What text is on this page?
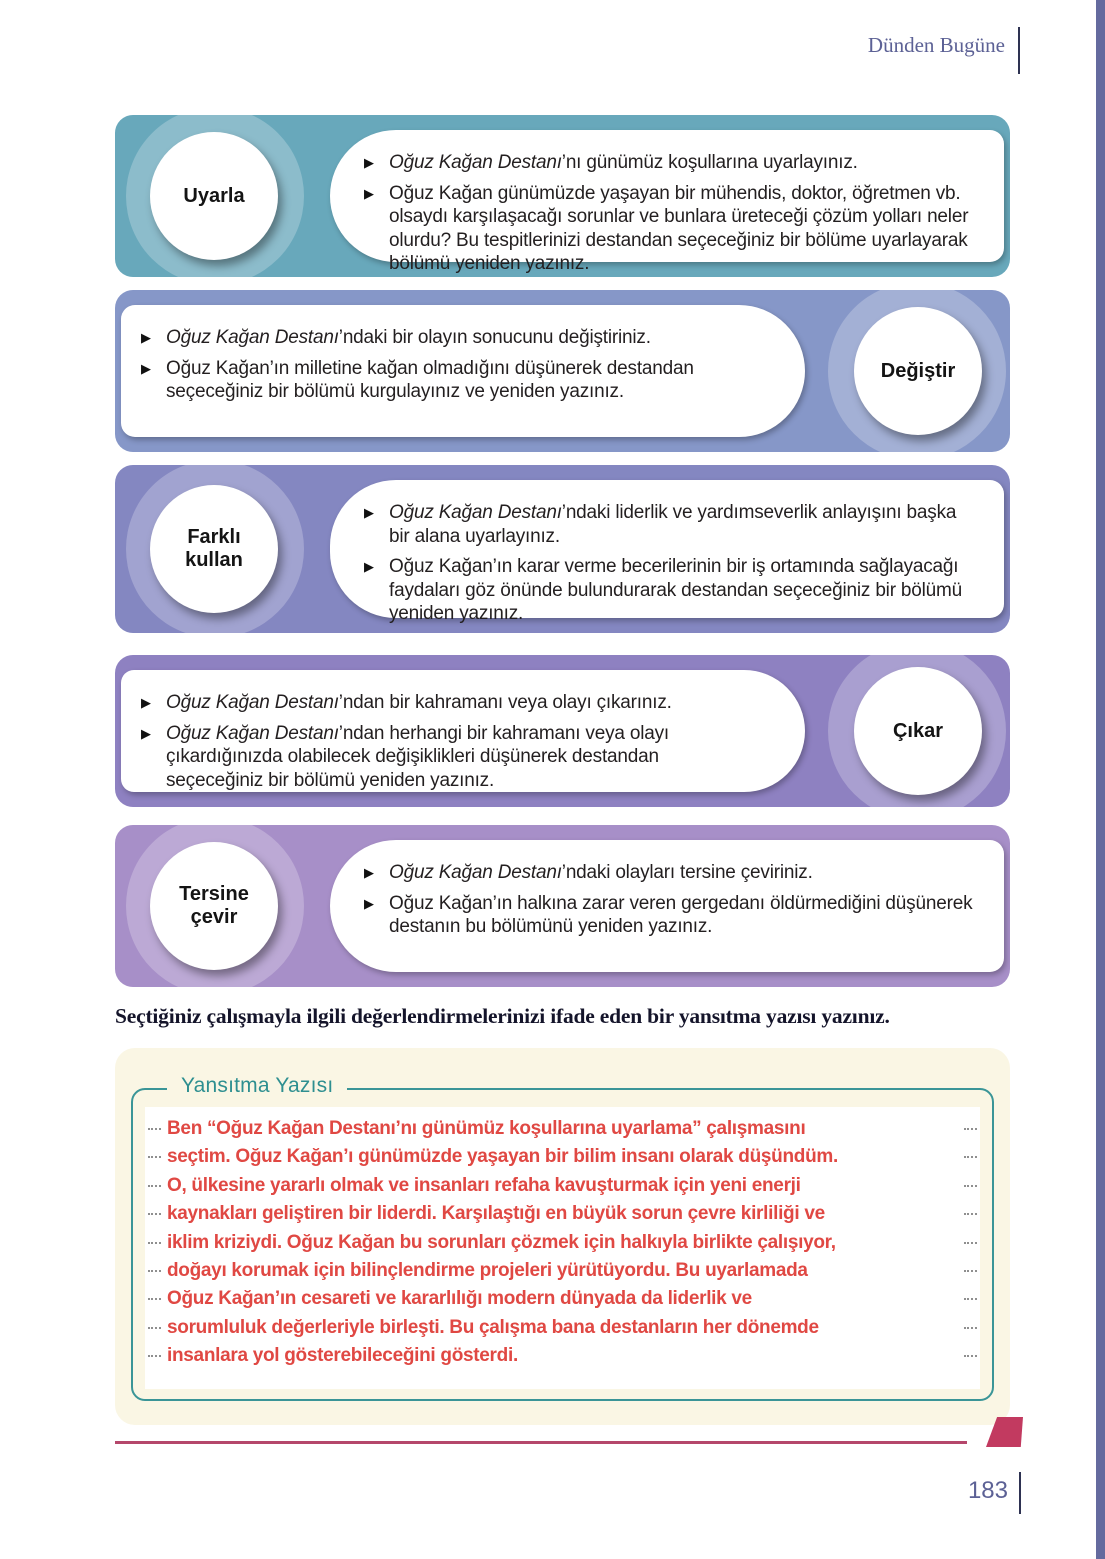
Dünden Bugüne
Uyarla
▶ Oğuz Kağan Destanı’nı günümüz koşullarına uyarlayınız.

▶ Oğuz Kağan günümüzde yaşayan bir mühendis, doktor, öğretmen vb. olsaydı karşılaşacağı sorunlar ve bunlara üreteceği çözüm yolları neler olurdu? Bu tespitlerinizi destandan seçeceğiniz bir bölüme uyarlayarak bölümü yeniden yazınız.

Değiştir
▶ Oğuz Kağan Destanı’ndaki bir olayın sonucunu değiştiriniz.

▶ Oğuz Kağan’ın milletine kağan olmadığını düşünerek destandan seçeceğiniz bir bölümü kurgulayınız ve yeniden yazınız.

Farklı kullan
▶ Oğuz Kağan Destanı’ndaki liderlik ve yardımseverlik anlayışını başka bir alana uyarlayınız.

▶ Oğuz Kağan’ın karar verme becerilerinin bir iş ortamında sağlayacağı faydaları göz önünde bulundurarak destandan seçeceğiniz bir bölümü yeniden yazınız.

Çıkar
▶ Oğuz Kağan Destanı’ndan bir kahramanı veya olayı çıkarınız.

▶ Oğuz Kağan Destanı’ndan herhangi bir kahramanı veya olayı çıkardığınızda olabilecek değişiklikleri düşünerek destandan seçeceğiniz bir bölümü yeniden yazınız.

Tersine çevir
▶ Oğuz Kağan Destanı’ndaki olayları tersine çeviriniz.

▶ Oğuz Kağan’ın halkına zarar veren gergedanı öldürmediğini düşünerek destanın bu bölümünü yeniden yazınız.

Seçtiğiniz çalışmayla ilgili değerlendirmelerinizi ifade eden bir yansıtma yazısı yazınız.
Yansıtma Yazısı
Ben “Oğuz Kağan Destanı’nı günümüz koşullarına uyarlama” çalışmasını
seçtim. Oğuz Kağan’ı günümüzde yaşayan bir bilim insanı olarak düşündüm.
O, ülkesine yararlı olmak ve insanları refaha kavuşturmak için yeni enerji
kaynakları geliştiren bir liderdi. Karşılaştığı en büyük sorun çevre kirliliği ve
iklim kriziydi. Oğuz Kağan bu sorunları çözmek için halkıyla birlikte çalışıyor,
doğayı korumak için bilinçlendirme projeleri yürütüyordu. Bu uyarlamada
Oğuz Kağan’ın cesareti ve kararlılığı modern dünyada da liderlik ve
sorumluluk değerleriyle birleşti. Bu çalışma bana destanların her dönemde
insanlara yol gösterebileceğini gösterdi.
183
